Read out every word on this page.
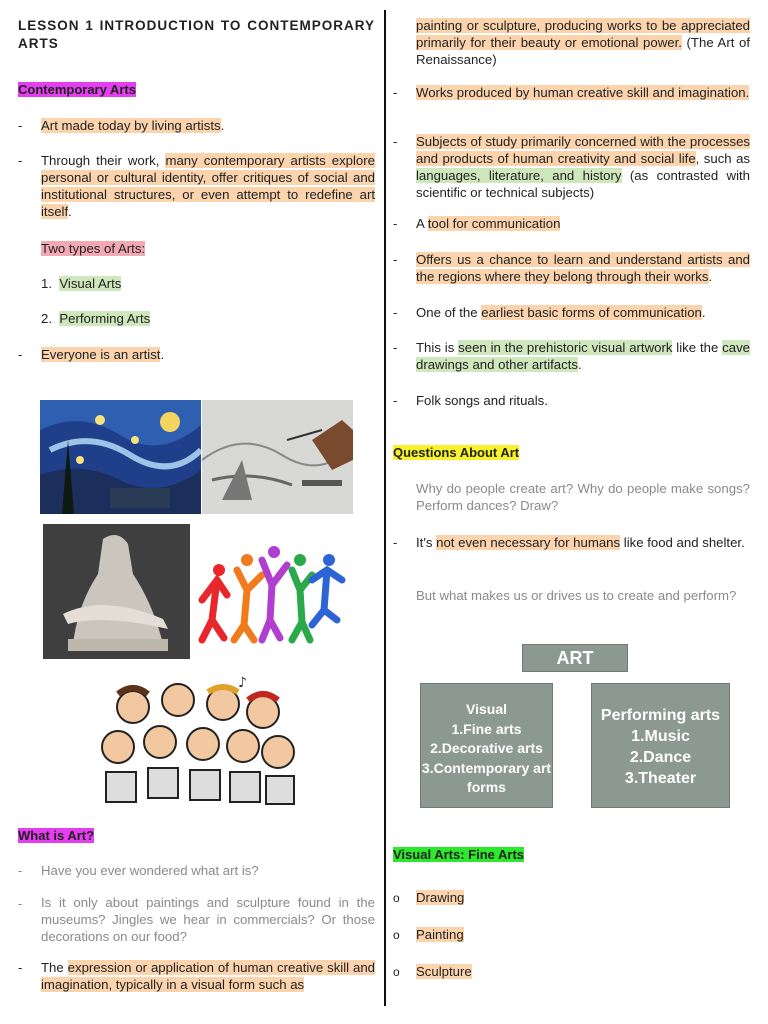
LESSON 1 INTRODUCTION TO CONTEMPORARY ARTS
Contemporary Arts
- Art made today by living artists.
- Through their work, many contemporary artists explore personal or cultural identity, offer critiques of social and institutional structures, or even attempt to redefine art itself.
Two types of Arts:
1. Visual Arts
2. Performing Arts
- Everyone is an artist.
♪
What is Art?
- Have you ever wondered what art is?
- Is it only about paintings and sculpture found in the museums? Jingles we hear in commercials? Or those decorations on our food?
- The expression or application of human creative skill and imagination, typically in a visual form such as
painting or sculpture, producing works to be appreciated primarily for their beauty or emotional power. (The Art of Renaissance)
- Works produced by human creative skill and imagination.
- Subjects of study primarily concerned with the processes and products of human creativity and social life, such as languages, literature, and history (as contrasted with scientific or technical subjects)
- A tool for communication
- Offers us a chance to learn and understand artists and the regions where they belong through their works.
- One of the earliest basic forms of communication.
- This is seen in the prehistoric visual artwork like the cave drawings and other artifacts.
- Folk songs and rituals.
Questions About Art
Why do people create art? Why do people make songs? Perform dances? Draw?
- It's not even necessary for humans like food and shelter.
But what makes us or drives us to create and perform?
ART
Visual
1.Fine arts
2.Decorative arts
3.Contemporary art forms
Performing arts
1.Music
2.Dance
3.Theater
Visual Arts: Fine Arts
o Drawing
o Painting
o Sculpture
